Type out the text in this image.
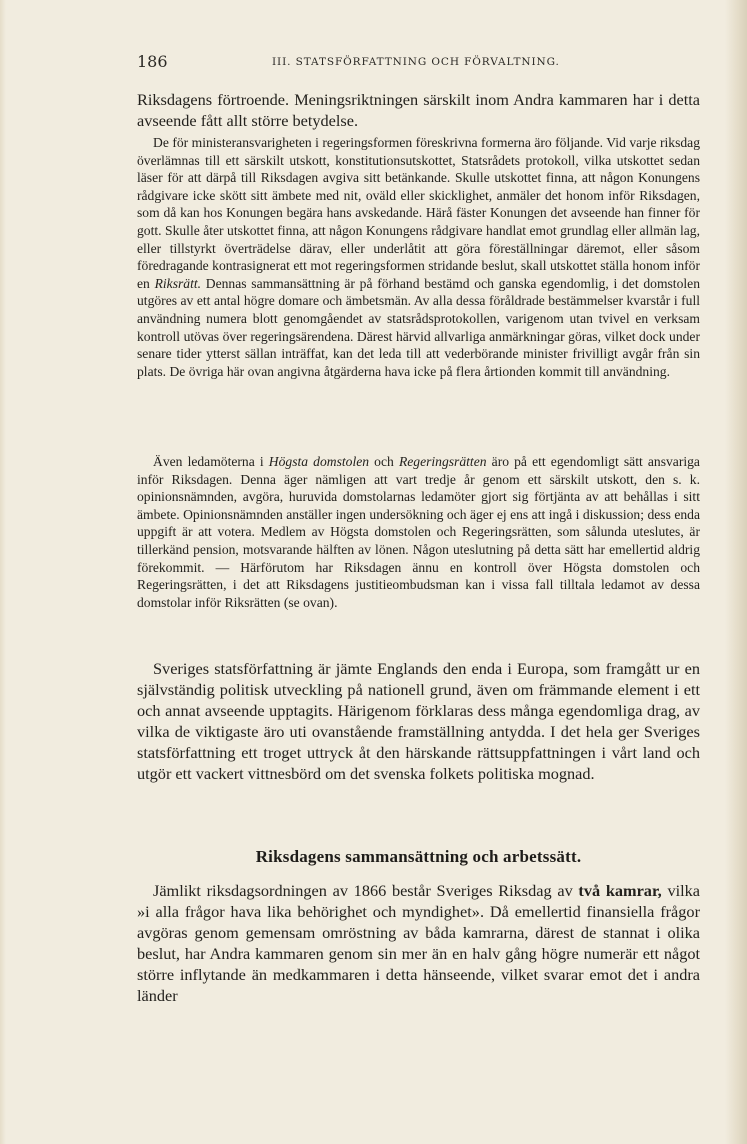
186	III. STATSFÖRFATTNING OCH FÖRVALTNING.

Riksdagens förtroende. Meningsriktningen särskilt inom Andra kammaren har i detta avseende fått allt större betydelse.

De för ministeransvarigheten i regeringsformen föreskrivna formerna äro följande. Vid varje riksdag överlämnas till ett särskilt utskott, konstitutionsutskottet, Statsrådets protokoll, vilka utskottet sedan läser för att därpå till Riksdagen avgiva sitt betänkande. Skulle utskottet finna, att någon Konungens rådgivare icke skött sitt ämbete med nit, oväld eller skicklighet, anmäler det honom inför Riksdagen, som då kan hos Konungen begära hans avskedande. Härå fäster Konungen det avseende han finner för gott. Skulle åter utskottet finna, att någon Konungens rådgivare handlat emot grundlag eller allmän lag, eller tillstyrkt överträdelse därav, eller underlåtit att göra föreställningar däremot, eller såsom föredragande kontrasignerat ett mot regeringsformen stridande beslut, skall utskottet ställa honom inför en Riksrätt. Dennas sammansättning är på förhand bestämd och ganska egendomlig, i det domstolen utgöres av ett antal högre domare och ämbetsmän. Av alla dessa föråldrade bestämmelser kvarstår i full användning numera blott genomgåendet av statsrådsprotokollen, varigenom utan tvivel en verksam kontroll utövas över regeringsärendena. Därest härvid allvarliga anmärkningar göras, vilket dock under senare tider ytterst sällan inträffat, kan det leda till att vederbörande minister frivilligt avgår från sin plats. De övriga här ovan angivna åtgärderna hava icke på flera årtionden kommit till användning.

Även ledamöterna i Högsta domstolen och Regeringsrätten äro på ett egendomligt sätt ansvariga inför Riksdagen. Denna äger nämligen att vart tredje år genom ett särskilt utskott, den s. k. opinionsnämnden, avgöra, huruvida domstolarnas ledamöter gjort sig förtjänta av att behållas i sitt ämbete. Opinionsnämnden anställer ingen undersökning och äger ej ens att ingå i diskussion; dess enda uppgift är att votera. Medlem av Högsta domstolen och Regeringsrätten, som sålunda uteslutes, är tillerkänd pension, motsvarande hälften av lönen. Någon uteslutning på detta sätt har emellertid aldrig förekommit. — Härförutom har Riksdagen ännu en kontroll över Högsta domstolen och Regeringsrätten, i det att Riksdagens justitieombudsman kan i vissa fall tilltala ledamot av dessa domstolar inför Riksrätten (se ovan).

Sveriges statsförfattning är jämte Englands den enda i Europa, som framgått ur en självständig politisk utveckling på nationell grund, även om främmande element i ett och annat avseende upptagits. Härigenom förklaras dess många egendomliga drag, av vilka de viktigaste äro uti ovanstående framställning antydda. I det hela ger Sveriges statsförfattning ett troget uttryck åt den härskande rättsuppfattningen i vårt land och utgör ett vackert vittnesbörd om det svenska folkets politiska mognad.

Riksdagens sammansättning och arbetssätt.

Jämlikt riksdagsordningen av 1866 består Sveriges Riksdag av två kamrar, vilka »i alla frågor hava lika behörighet och myndighet». Då emellertid finansiella frågor avgöras genom gemensam omröstning av båda kamrarna, därest de stannat i olika beslut, har Andra kammaren genom sin mer än en halv gång högre numerär ett något större inflytande än medkammaren i detta hänseende, vilket svarar emot det i andra länder
